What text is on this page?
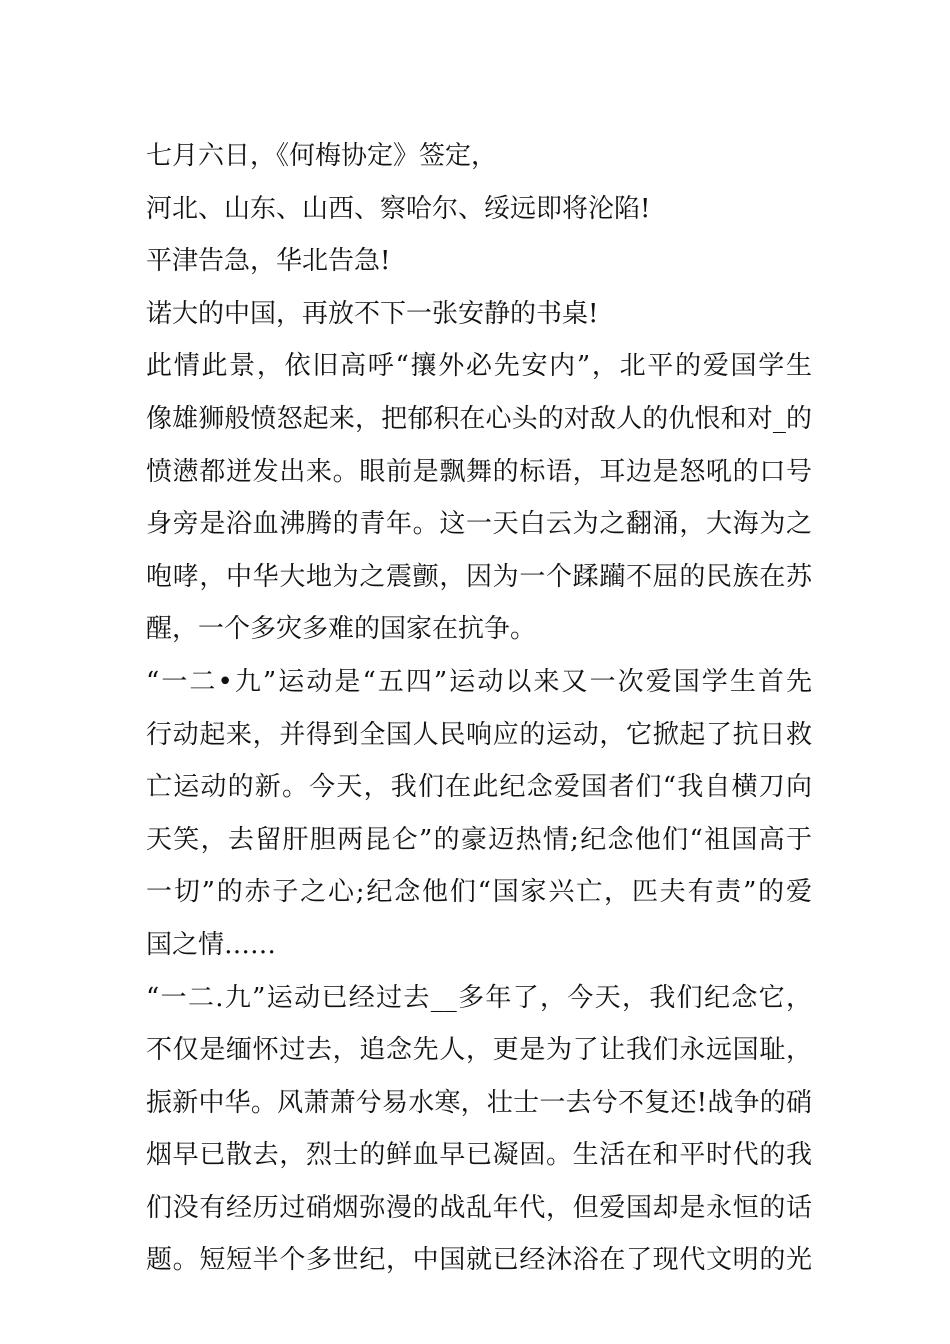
七月六日，《何梅协定》签定，
河北、山东、山西、察哈尔、绥远即将沦陷!
平津告急，华北告急!
诺大的中国，再放不下一张安静的书桌!
此情此景，依旧高呼“攘外必先安内”，北平的爱国学生
像雄狮般愤怒起来，把郁积在心头的对敌人的仇恨和对_的
愤懑都迸发出来。眼前是飘舞的标语，耳边是怒吼的口号
身旁是浴血沸腾的青年。这一天白云为之翻涌，大海为之
咆哮，中华大地为之震颤，因为一个蹂躏不屈的民族在苏
醒，一个多灾多难的国家在抗争。
“一二•九”运动是“五四”运动以来又一次爱国学生首先
行动起来，并得到全国人民响应的运动，它掀起了抗日救
亡运动的新。今天，我们在此纪念爱国者们“我自横刀向
天笑，去留肝胆两昆仑”的豪迈热情;纪念他们“祖国高于
一切”的赤子之心;纪念他们“国家兴亡，匹夫有责”的爱
国之情……
“一二.九”运动已经过去__多年了，今天，我们纪念它，
不仅是缅怀过去，追念先人，更是为了让我们永远国耻，
振新中华。风萧萧兮易水寒，壮士一去兮不复还!战争的硝
烟早已散去，烈士的鲜血早已凝固。生活在和平时代的我
们没有经历过硝烟弥漫的战乱年代，但爱国却是永恒的话
题。短短半个多世纪，中国就已经沐浴在了现代文明的光
